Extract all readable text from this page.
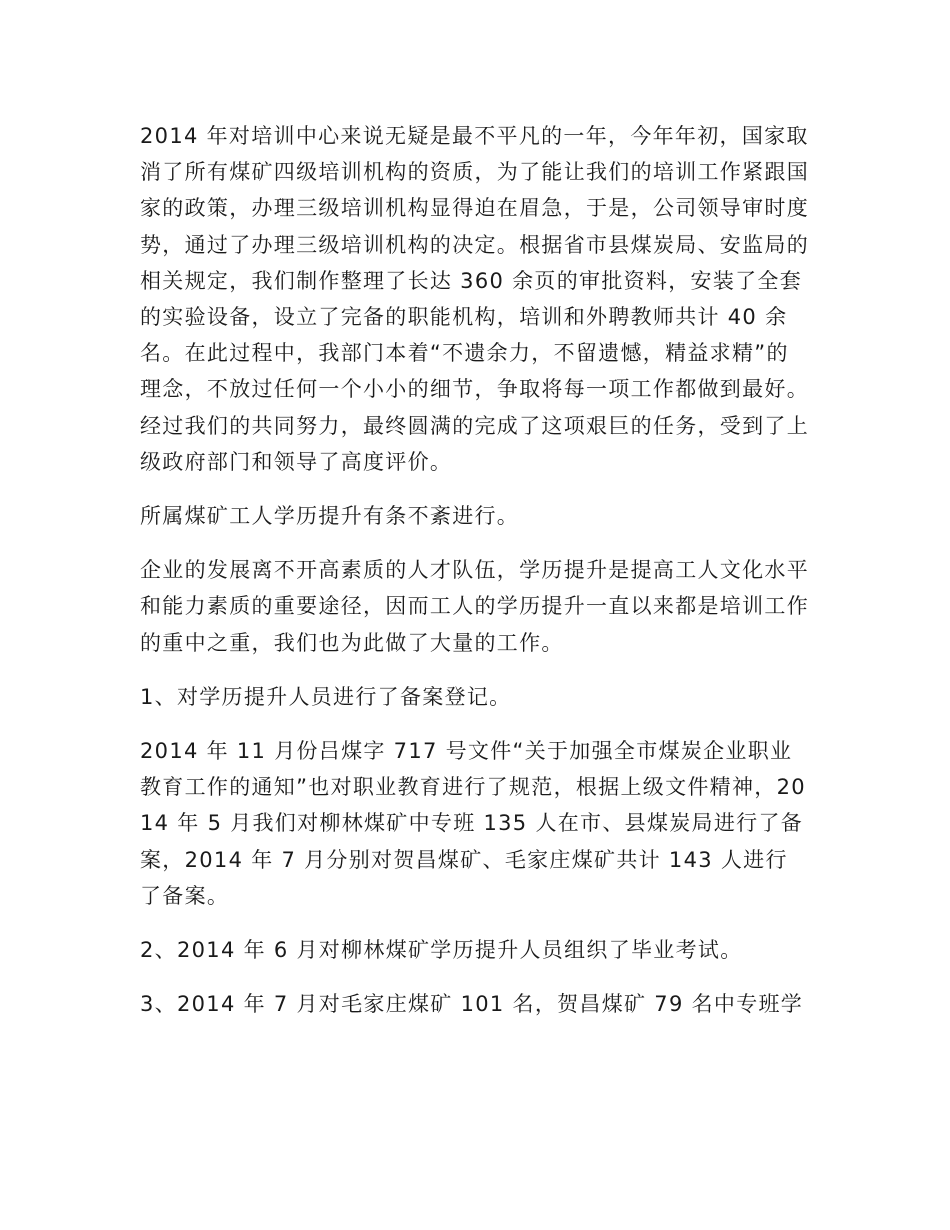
2014 年对培训中心来说无疑是最不平凡的一年，今年年初，国家取消了所有煤矿四级培训机构的资质，为了能让我们的培训工作紧跟国家的政策，办理三级培训机构显得迫在眉急，于是，公司领导审时度势，通过了办理三级培训机构的决定。根据省市县煤炭局、安监局的相关规定，我们制作整理了长达 360 余页的审批资料，安装了全套的实验设备，设立了完备的职能机构，培训和外聘教师共计 40 余名。在此过程中，我部门本着“不遗余力，不留遗憾，精益求精”的理念，不放过任何一个小小的细节，争取将每一项工作都做到最好。经过我们的共同努力，最终圆满的完成了这项艰巨的任务，受到了上级政府部门和领导了高度评价。

所属煤矿工人学历提升有条不紊进行。

企业的发展离不开高素质的人才队伍，学历提升是提高工人文化水平和能力素质的重要途径，因而工人的学历提升一直以来都是培训工作的重中之重，我们也为此做了大量的工作。

1、对学历提升人员进行了备案登记。

2014 年 11 月份吕煤字 717 号文件“关于加强全市煤炭企业职业教育工作的通知”也对职业教育进行了规范，根据上级文件精神，2014 年 5 月我们对柳林煤矿中专班 135 人在市、县煤炭局进行了备案，2014 年 7 月分别对贺昌煤矿、毛家庄煤矿共计 143 人进行了备案。

2、2014 年 6 月对柳林煤矿学历提升人员组织了毕业考试。

3、2014 年 7 月对毛家庄煤矿 101 名，贺昌煤矿 79 名中专班学
